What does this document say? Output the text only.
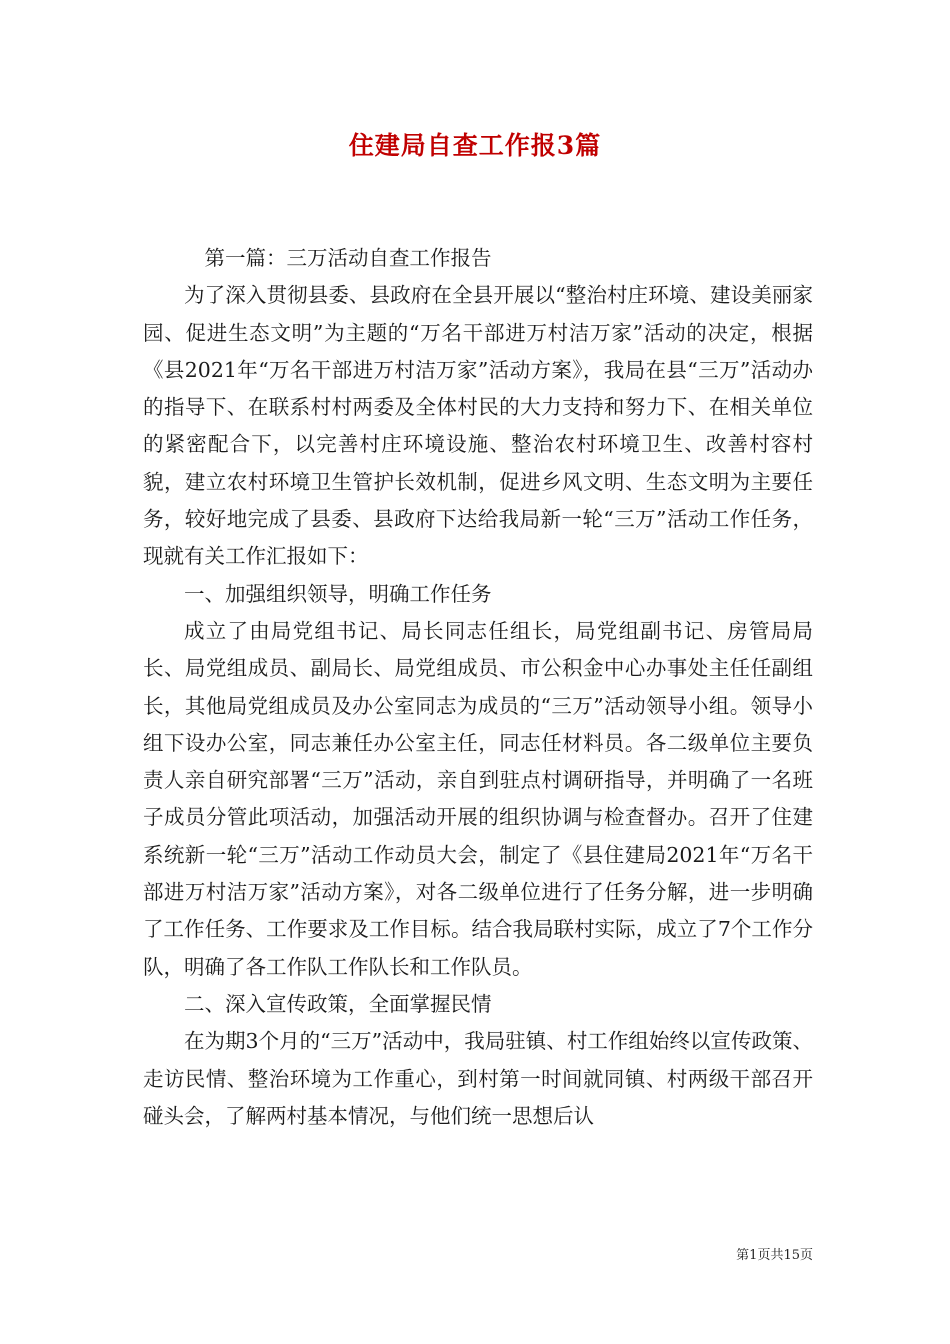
住建局自查工作报3篇

第一篇：三万活动自查工作报告

为了深入贯彻县委、县政府在全县开展以“整治村庄环境、建设美丽家园、促进生态文明”为主题的“万名干部进万村洁万家”活动的决定，根据《县2021年“万名干部进万村洁万家”活动方案》，我局在县“三万”活动办的指导下、在联系村村两委及全体村民的大力支持和努力下、在相关单位的紧密配合下，以完善村庄环境设施、整治农村环境卫生、改善村容村貌，建立农村环境卫生管护长效机制，促进乡风文明、生态文明为主要任务，较好地完成了县委、县政府下达给我局新一轮“三万”活动工作任务，现就有关工作汇报如下：

一、加强组织领导，明确工作任务

成立了由局党组书记、局长同志任组长，局党组副书记、房管局局长、局党组成员、副局长、局党组成员、市公积金中心办事处主任任副组长，其他局党组成员及办公室同志为成员的“三万”活动领导小组。领导小组下设办公室，同志兼任办公室主任，同志任材料员。各二级单位主要负责人亲自研究部署“三万”活动，亲自到驻点村调研指导，并明确了一名班子成员分管此项活动，加强活动开展的组织协调与检查督办。召开了住建系统新一轮“三万”活动工作动员大会，制定了《县住建局2021年“万名干部进万村洁万家”活动方案》，对各二级单位进行了任务分解，进一步明确了工作任务、工作要求及工作目标。结合我局联村实际，成立了7个工作分队，明确了各工作队工作队长和工作队员。

二、深入宣传政策，全面掌握民情

在为期3个月的“三万”活动中，我局驻镇、村工作组始终以宣传政策、走访民情、整治环境为工作重心，到村第一时间就同镇、村两级干部召开碰头会，了解两村基本情况，与他们统一思想后认

第1页共15页
